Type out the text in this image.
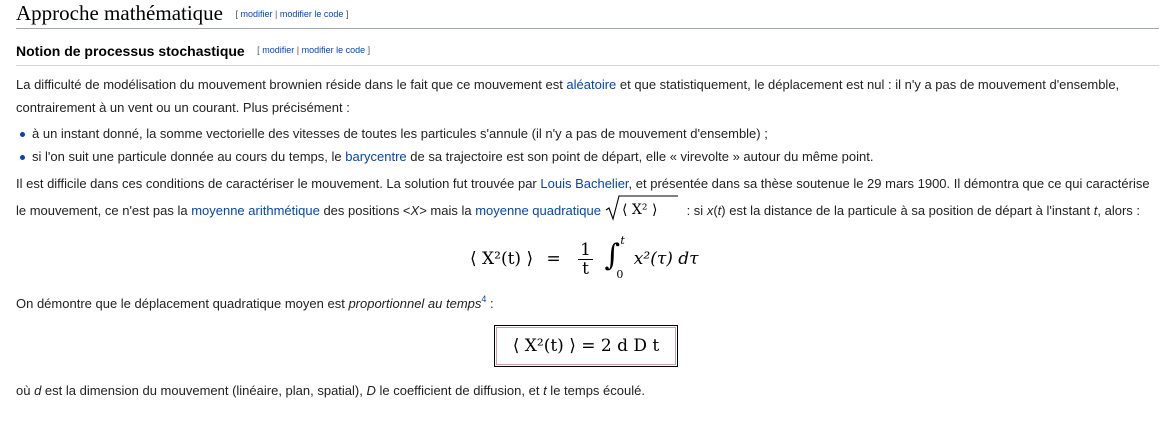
Approche mathématique [ modifier | modifier le code ]
Notion de processus stochastique [ modifier | modifier le code ]

La difficulté de modélisation du mouvement brownien réside dans le fait que ce mouvement est aléatoire et que statistiquement, le déplacement est nul : il n'y a pas de mouvement d'ensemble, contrairement à un vent ou un courant. Plus précisément :

à un instant donné, la somme vectorielle des vitesses de toutes les particules s'annule (il n'y a pas de mouvement d'ensemble) ;
si l'on suit une particule donnée au cours du temps, le barycentre de sa trajectoire est son point de départ, elle « virevolte » autour du même point.

Il est difficile dans ces conditions de caractériser le mouvement. La solution fut trouvée par Louis Bachelier, et présentée dans sa thèse soutenue le 29 mars 1900. Il démontra que ce qui caractérise le mouvement, ce n'est pas la moyenne arithmétique des positions <X> mais la moyenne quadratique ⟨ X² ⟩ : si x(t) est la distance de la particule à sa position de départ à l'instant t, alors :

⟨ X²(t) ⟩ = $\frac{1}{t}$
∫ t
0
x²(τ) dτ

On démontre que le déplacement quadratique moyen est proportionnel au temps$^4$ :

⟨ X²(t) ⟩ = 2 d D t

où d est la dimension du mouvement (linéaire, plan, spatial), D le coefficient de diffusion, et t le temps écoulé.
